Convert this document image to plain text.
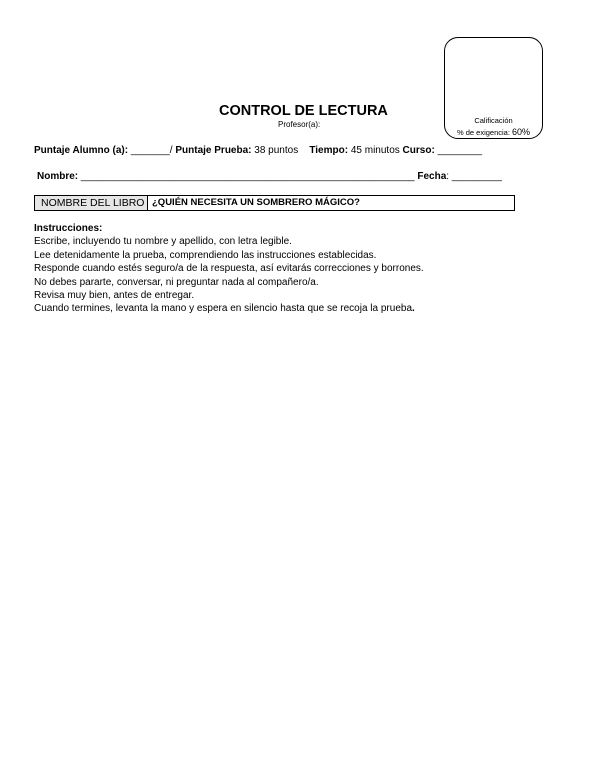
Calificación
% de exigencia: 60%
CONTROL DE LECTURA
Profesor(a):
Puntaje Alumno (a): _______/ Puntaje Prueba: 38 puntos Tiempo: 45 minutos Curso: ________
Nombre: ____________________________________________________________ Fecha: _________
NOMBRE DEL LIBRO ¿QUIÉN NECESITA UN SOMBRERO MÁGICO?
Instrucciones:
Escribe, incluyendo tu nombre y apellido, con letra legible.
Lee detenidamente la prueba, comprendiendo las instrucciones establecidas.
Responde cuando estés seguro/a de la respuesta, así evitarás correcciones y borrones.
No debes pararte, conversar, ni preguntar nada al compañero/a.
Revisa muy bien, antes de entregar.
Cuando termines, levanta la mano y espera en silencio hasta que se recoja la prueba.
